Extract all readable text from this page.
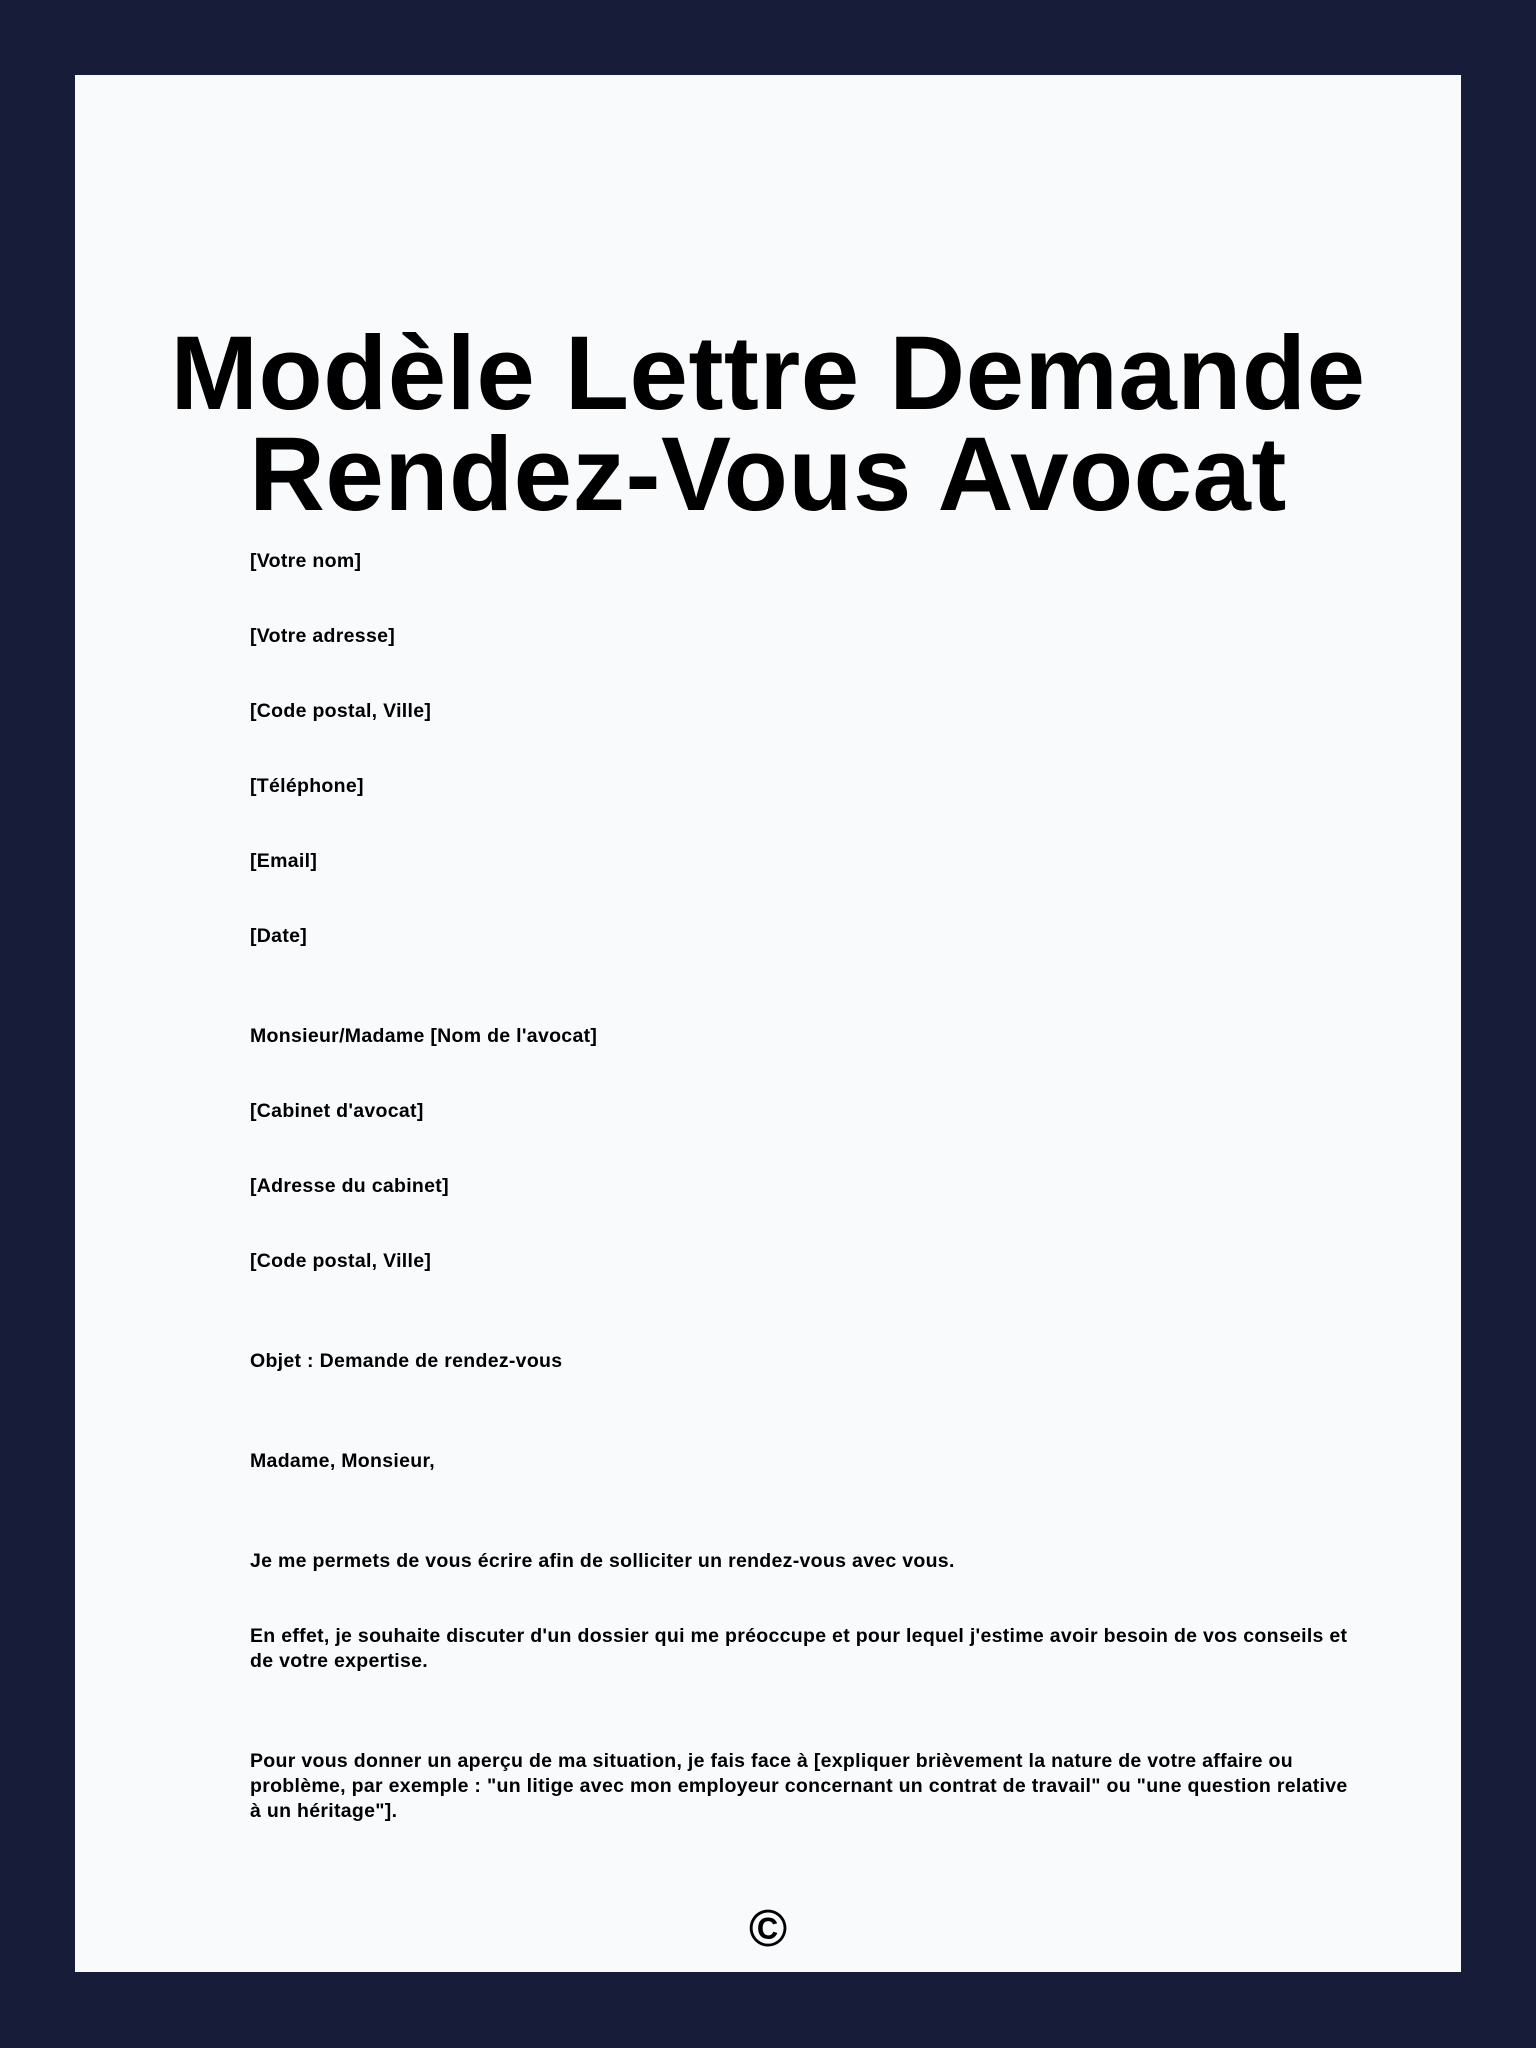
Modèle Lettre Demande Rendez-Vous Avocat

[Votre nom]

[Votre adresse]

[Code postal, Ville]

[Téléphone]

[Email]

[Date]

Monsieur/Madame [Nom de l'avocat]

[Cabinet d'avocat]

[Adresse du cabinet]

[Code postal, Ville]

Objet : Demande de rendez-vous

Madame, Monsieur,

Je me permets de vous écrire afin de solliciter un rendez-vous avec vous.

En effet, je souhaite discuter d'un dossier qui me préoccupe et pour lequel j'estime avoir besoin de vos conseils et de votre expertise.

Pour vous donner un aperçu de ma situation, je fais face à [expliquer brièvement la nature de votre affaire ou problème, par exemple : "un litige avec mon employeur concernant un contrat de travail" ou "une question relative à un héritage"].

©
